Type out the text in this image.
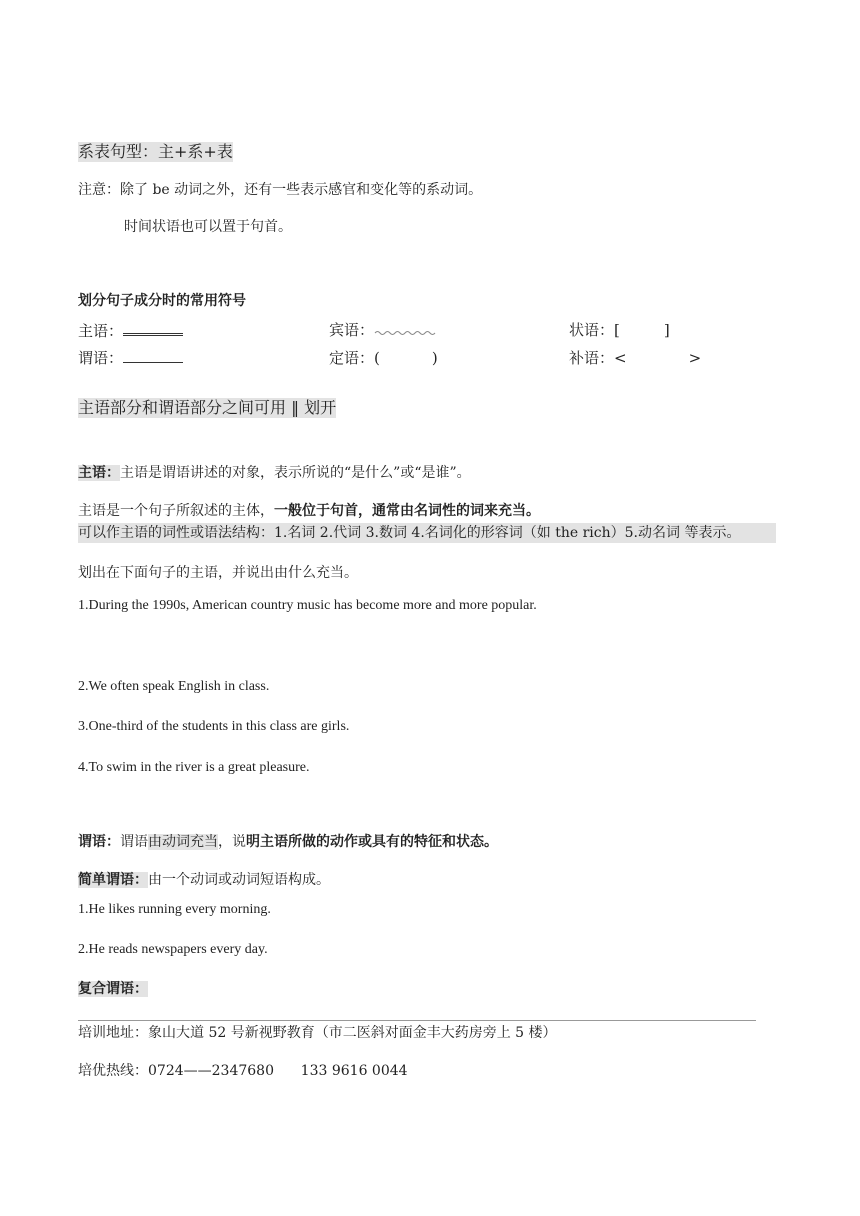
系表句型：主+系+表
注意：除了 be 动词之外，还有一些表示感官和变化等的系动词。
时间状语也可以置于句首。
划分句子成分时的常用符号
主语：	宾语：	状语：[	]
谓语：	定语：(	)	补语：<	>
主语部分和谓语部分之间可用 ‖ 划开
主语：主语是谓语讲述的对象，表示所说的“是什么”或“是谁”。
主语是一个句子所叙述的主体，一般位于句首，通常由名词性的词来充当。
可以作主语的词性或语法结构：1.名词 2.代词 3.数词 4.名词化的形容词（如 the rich）5.动名词 等表示。
划出在下面句子的主语，并说出由什么充当。
1.During the 1990s, American country music has become more and more popular.
2.We often speak English in class.
3.One-third of the students in this class are girls.
4.To swim in the river is a great pleasure.
谓语：谓语由动词充当，说明主语所做的动作或具有的特征和状态。
简单谓语：由一个动词或动词短语构成。
1.He likes running every morning.
2.He reads newspapers every day.
复合谓语：
培训地址：象山大道 52 号新视野教育（市二医斜对面金丰大药房旁上 5 楼）
培优热线：0724——2347680      133 9616 0044
